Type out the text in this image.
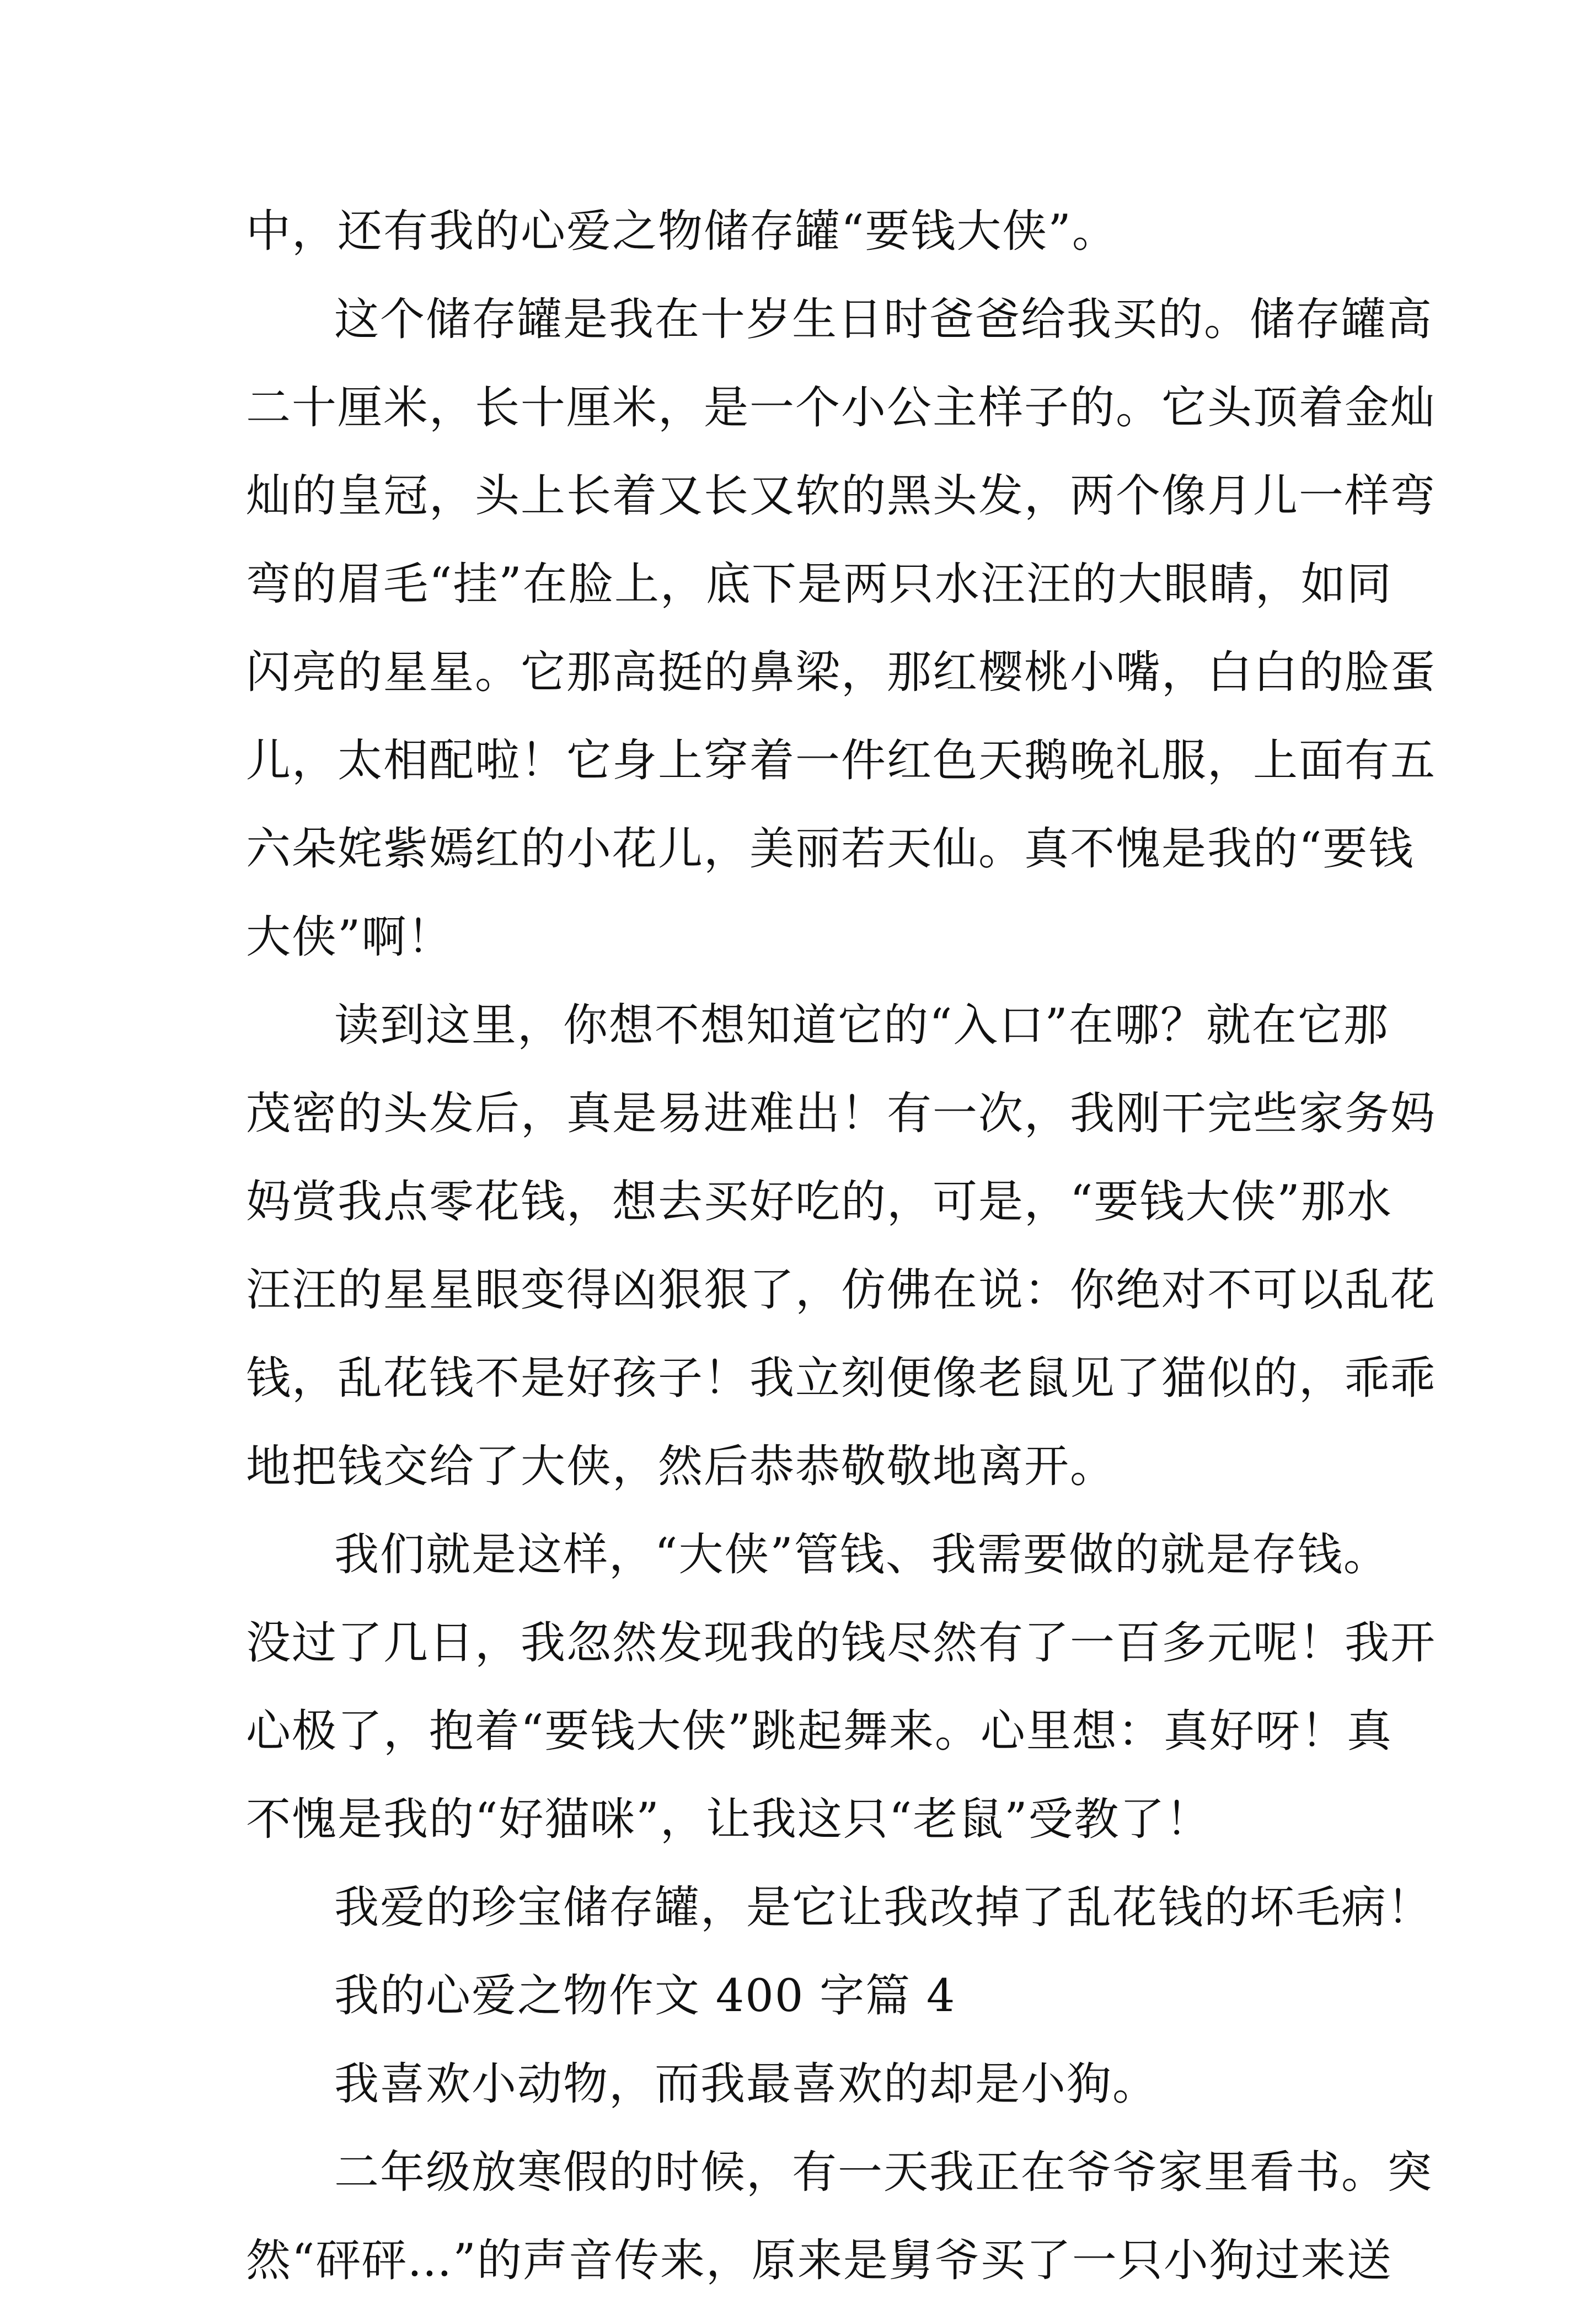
中，还有我的心爱之物储存罐“要钱大侠”。
这个储存罐是我在十岁生日时爸爸给我买的。储存罐高
二十厘米，长十厘米，是一个小公主样子的。它头顶着金灿
灿的皇冠，头上长着又长又软的黑头发，两个像月儿一样弯
弯的眉毛“挂”在脸上，底下是两只水汪汪的大眼睛，如同
闪亮的星星。它那高挺的鼻梁，那红樱桃小嘴，白白的脸蛋
儿，太相配啦！它身上穿着一件红色天鹅晚礼服，上面有五
六朵姹紫嫣红的小花儿，美丽若天仙。真不愧是我的“要钱
大侠”啊！
读到这里，你想不想知道它的“入口”在哪？就在它那
茂密的头发后，真是易进难出！有一次，我刚干完些家务妈
妈赏我点零花钱，想去买好吃的，可是，“要钱大侠”那水
汪汪的星星眼变得凶狠狠了，仿佛在说：你绝对不可以乱花
钱，乱花钱不是好孩子！我立刻便像老鼠见了猫似的，乖乖
地把钱交给了大侠，然后恭恭敬敬地离开。
我们就是这样，“大侠”管钱、我需要做的就是存钱。
没过了几日，我忽然发现我的钱尽然有了一百多元呢！我开
心极了，抱着“要钱大侠”跳起舞来。心里想：真好呀！真
不愧是我的“好猫咪”，让我这只“老鼠”受教了！
我爱的珍宝储存罐，是它让我改掉了乱花钱的坏毛病！
我的心爱之物作文 400 字篇 4
我喜欢小动物，而我最喜欢的却是小狗。
二年级放寒假的时候，有一天我正在爷爷家里看书。突
然“砰砰…”的声音传来，原来是舅爷买了一只小狗过来送
